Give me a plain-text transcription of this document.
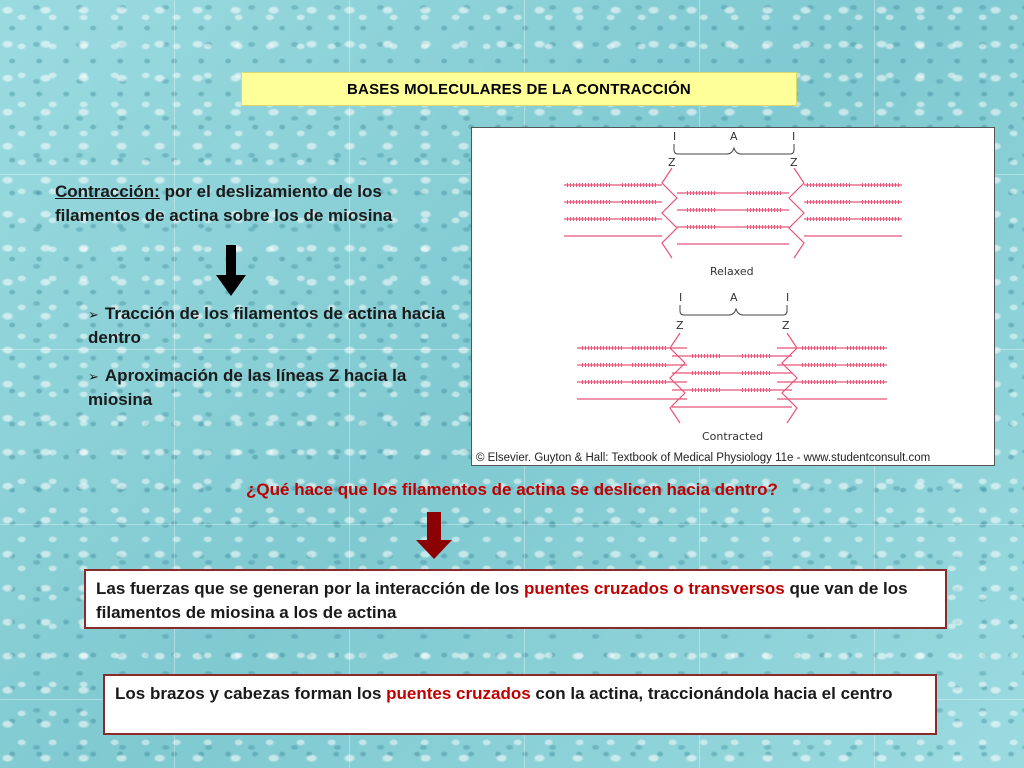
BASES MOLECULARES DE LA CONTRACCIÓN
Contracción: por el deslizamiento de los filamentos de actina sobre los de miosina
➢ Tracción de los filamentos de actina hacia dentro
➢ Aproximación de las líneas Z hacia la miosina
I	A	I
Z	Z
Relaxed
I	A	I
Z	Z
Contracted
© Elsevier. Guyton & Hall: Textbook of Medical Physiology 11e - www.studentconsult.com
¿Qué hace que los filamentos de actina se deslicen hacia dentro?
Las fuerzas que se generan por la interacción de los puentes cruzados o transversos que van de los filamentos de miosina a los de actina
Los brazos y cabezas forman los puentes cruzados con la actina, traccionándola hacia el centro
